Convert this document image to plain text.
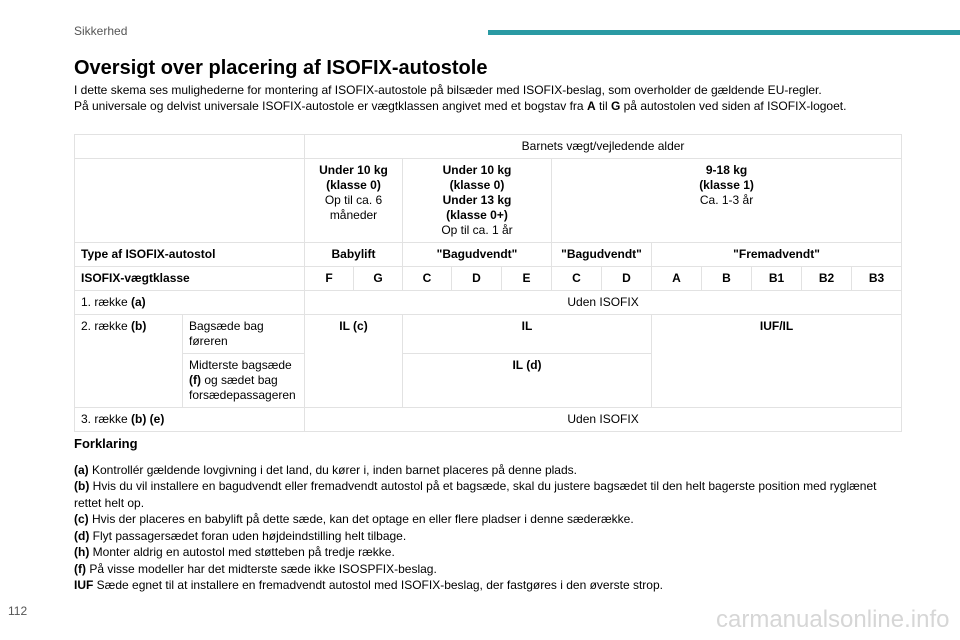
Sikkerhed
Oversigt over placering af ISOFIX-autostole

I dette skema ses mulighederne for montering af ISOFIX-autostole på bilsæder med ISOFIX-beslag, som overholder de gældende EU-regler.

På universale og delvist universale ISOFIX-autostole er vægtklassen angivet med et bogstav fra A til G på autostolen ved siden af ISOFIX-logoet.

		Barnets vægt/vejledende alder											
		Under 10 kg
(klasse 0)
Op til ca. 6
måneder		Under 10 kg
(klasse 0)
Under 13 kg
(klasse 0+)
Op til ca. 1 år			9-18 kg
(klasse 1)
Ca. 1-3 år						
Type af ISOFIX-autostol		Babylift		"Bagudvendt"			"Bagudvendt"		"Fremadvendt"				
ISOFIX-vægtklasse		F	G	C	D	E	C	D	A	B	B1	B2	B3
1. række (a)		Uden ISOFIX											
2. række (b)	Bagsæde bag føreren	IL (c)		IL					IUF/IL				
	Midterste bagsæde (f) og sædet bag forsædepassageren			IL (d)									
3. række (b) (e)		Uden ISOFIX											
Forklaring

(a) Kontrollér gældende lovgivning i det land, du kører i, inden barnet placeres på denne plads.

(b) Hvis du vil installere en bagudvendt eller fremadvendt autostol på et bagsæde, skal du justere bagsædet til den helt bagerste position med ryglænet rettet helt op.

(c) Hvis der placeres en babylift på dette sæde, kan det optage en eller flere pladser i denne sæderække.

(d) Flyt passagersædet foran uden højdeindstilling helt tilbage.

(h) Monter aldrig en autostol med støtteben på tredje række.

(f) På visse modeller har det midterste sæde ikke ISOSPFIX-beslag.

IUF Sæde egnet til at installere en fremadvendt autostol med ISOFIX-beslag, der fastgøres i den øverste strop.

112	carmanualsonline.info
